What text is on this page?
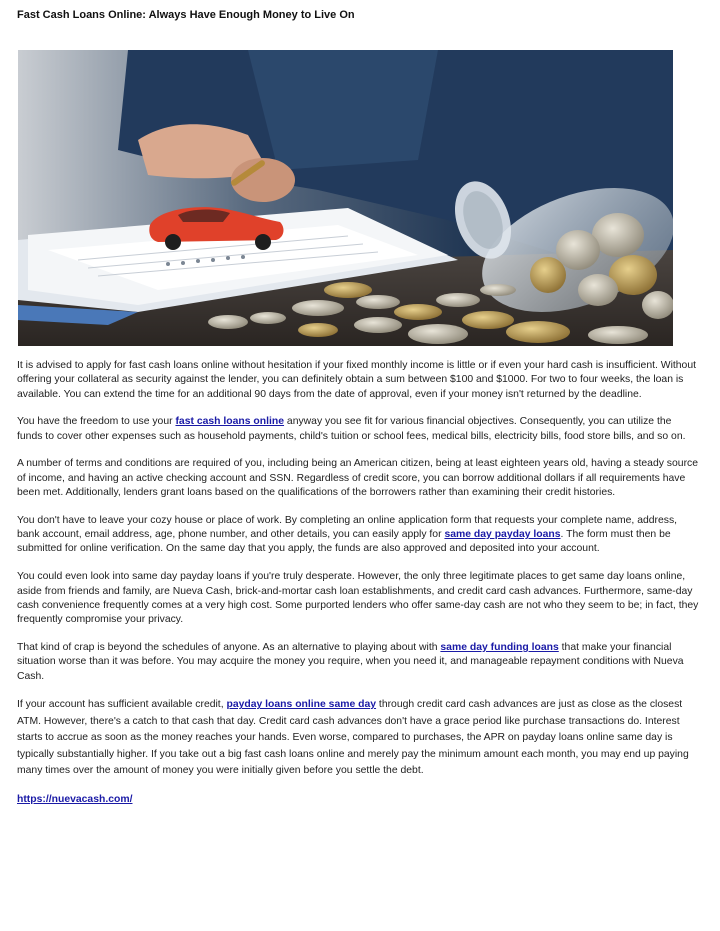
Fast Cash Loans Online: Always Have Enough Money to Live On

It is advised to apply for fast cash loans online without hesitation if your fixed monthly income is little or if even your hard cash is insufficient. Without offering your collateral as security against the lender, you can definitely obtain a sum between $100 and $1000. For two to four weeks, the loan is available. You can extend the time for an additional 90 days from the date of approval, even if your money isn't returned by the deadline.

You have the freedom to use your fast cash loans online anyway you see fit for various financial objectives. Consequently, you can utilize the funds to cover other expenses such as household payments, child's tuition or school fees, medical bills, electricity bills, food store bills, and so on.

A number of terms and conditions are required of you, including being an American citizen, being at least eighteen years old, having a steady source of income, and having an active checking account and SSN. Regardless of credit score, you can borrow additional dollars if all requirements have been met. Additionally, lenders grant loans based on the qualifications of the borrowers rather than examining their credit histories.

You don't have to leave your cozy house or place of work. By completing an online application form that requests your complete name, address, bank account, email address, age, phone number, and other details, you can easily apply for same day payday loans. The form must then be submitted for online verification. On the same day that you apply, the funds are also approved and deposited into your account.

You could even look into same day payday loans if you're truly desperate. However, the only three legitimate places to get same day loans online, aside from friends and family, are Nueva Cash, brick-and-mortar cash loan establishments, and credit card cash advances. Furthermore, same-day cash convenience frequently comes at a very high cost. Some purported lenders who offer same-day cash are not who they seem to be; in fact, they frequently compromise your privacy.

That kind of crap is beyond the schedules of anyone. As an alternative to playing about with same day funding loans that make your financial situation worse than it was before. You may acquire the money you require, when you need it, and manageable repayment conditions with Nueva Cash.

If your account has sufficient available credit, payday loans online same day through credit card cash advances are just as close as the closest ATM. However, there's a catch to that cash that day. Credit card cash advances don't have a grace period like purchase transactions do. Interest starts to accrue as soon as the money reaches your hands. Even worse, compared to purchases, the APR on payday loans online same day is typically substantially higher. If you take out a big fast cash loans online and merely pay the minimum amount each month, you may end up paying many times over the amount of money you were initially given before you settle the debt.

https://nuevacash.com/
